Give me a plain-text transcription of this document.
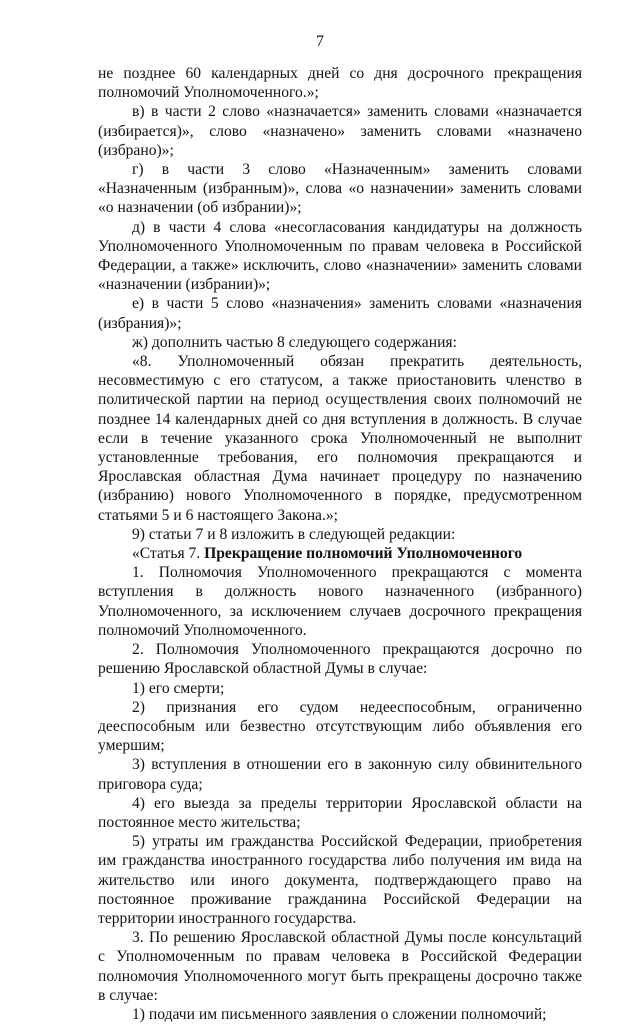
7

не позднее 60 календарных дней со дня досрочного прекращения полномочий Уполномоченного.»;

в) в части 2 слово «назначается» заменить словами «назначается (избирается)», слово «назначено» заменить словами «назначено (избрано)»;

г) в части 3 слово «Назначенным» заменить словами «Назначенным (избранным)», слова «о назначении» заменить словами «о назначении (об избрании)»;

д) в части 4 слова «несогласования кандидатуры на должность Уполномоченного Уполномоченным по правам человека в Российской Федерации, а также» исключить, слово «назначении» заменить словами «назначении (избрании)»;

е) в части 5 слово «назначения» заменить словами «назначения (избрания)»;

ж) дополнить частью 8 следующего содержания:

«8. Уполномоченный обязан прекратить деятельность, несовместимую с его статусом, а также приостановить членство в политической партии на период осуществления своих полномочий не позднее 14 календарных дней со дня вступления в должность. В случае если в течение указанного срока Уполномоченный не выполнит установленные требования, его полномочия прекращаются и Ярославская областная Дума начинает процедуру по назначению (избранию) нового Уполномоченного в порядке, предусмотренном статьями 5 и 6 настоящего Закона.»;

9) статьи 7 и 8 изложить в следующей редакции:

«Статья 7. Прекращение полномочий Уполномоченного

1. Полномочия Уполномоченного прекращаются с момента вступления в должность нового назначенного (избранного) Уполномоченного, за исключением случаев досрочного прекращения полномочий Уполномоченного.

2. Полномочия Уполномоченного прекращаются досрочно по решению Ярославской областной Думы в случае:

1) его смерти;

2) признания его судом недееспособным, ограниченно дееспособным или безвестно отсутствующим либо объявления его умершим;

3) вступления в отношении его в законную силу обвинительного приговора суда;

4) его выезда за пределы территории Ярославской области на постоянное место жительства;

5) утраты им гражданства Российской Федерации, приобретения им гражданства иностранного государства либо получения им вида на жительство или иного документа, подтверждающего право на постоянное проживание гражданина Российской Федерации на территории иностранного государства.

3. По решению Ярославской областной Думы после консультаций с Уполномоченным по правам человека в Российской Федерации полномочия Уполномоченного могут быть прекращены досрочно также в случае:

1) подачи им письменного заявления о сложении полномочий;
